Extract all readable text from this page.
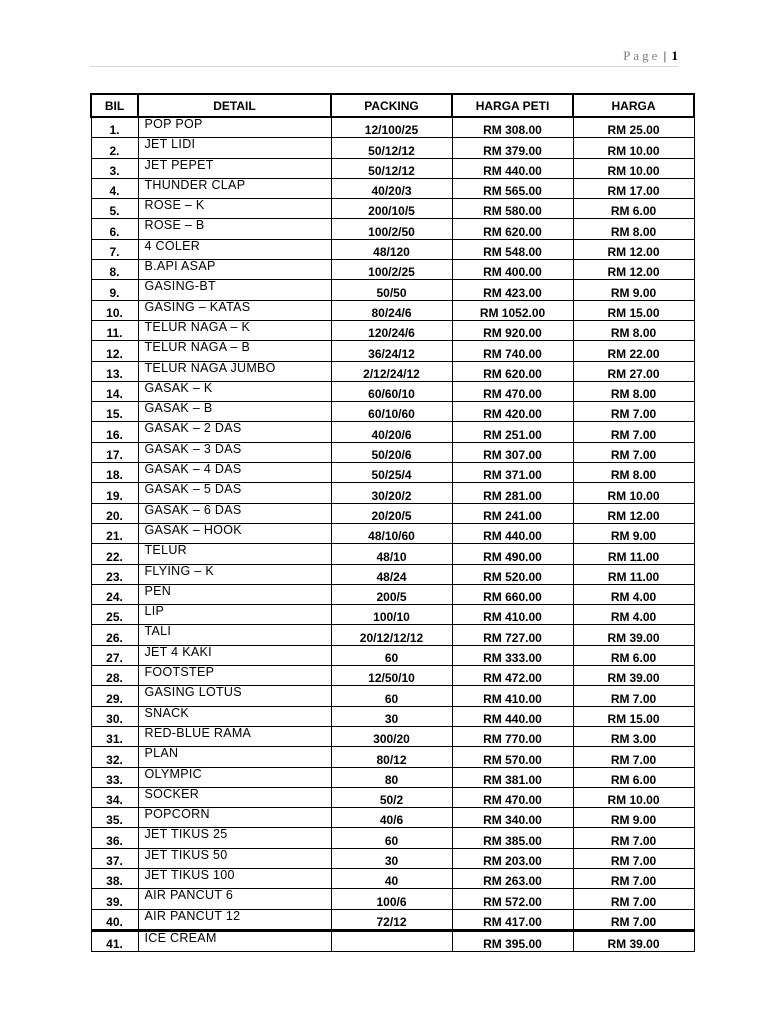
Page | 1
BIL	DETAIL	PACKING	HARGA PETI	HARGA
1.	POP POP	12/100/25	RM 308.00	RM 25.00
2.	JET LIDI	50/12/12	RM 379.00	RM 10.00
3.	JET PEPET	50/12/12	RM 440.00	RM 10.00
4.	THUNDER CLAP	40/20/3	RM 565.00	RM 17.00
5.	ROSE – K	200/10/5	RM 580.00	RM 6.00
6.	ROSE – B	100/2/50	RM 620.00	RM 8.00
7.	4 COLER	48/120	RM 548.00	RM 12.00
8.	B.API ASAP	100/2/25	RM 400.00	RM 12.00
9.	GASING-BT	50/50	RM 423.00	RM 9.00
10.	GASING – KATAS	80/24/6	RM 1052.00	RM 15.00
11.	TELUR NAGA – K	120/24/6	RM 920.00	RM 8.00
12.	TELUR NAGA – B	36/24/12	RM 740.00	RM 22.00
13.	TELUR NAGA JUMBO	2/12/24/12	RM 620.00	RM 27.00
14.	GASAK – K	60/60/10	RM 470.00	RM 8.00
15.	GASAK – B	60/10/60	RM 420.00	RM 7.00
16.	GASAK – 2 DAS	40/20/6	RM 251.00	RM 7.00
17.	GASAK – 3 DAS	50/20/6	RM 307.00	RM 7.00
18.	GASAK – 4 DAS	50/25/4	RM 371.00	RM 8.00
19.	GASAK – 5 DAS	30/20/2	RM 281.00	RM 10.00
20.	GASAK – 6 DAS	20/20/5	RM 241.00	RM 12.00
21.	GASAK – HOOK	48/10/60	RM 440.00	RM 9.00
22.	TELUR	48/10	RM 490.00	RM 11.00
23.	FLYING – K	48/24	RM 520.00	RM 11.00
24.	PEN	200/5	RM 660.00	RM 4.00
25.	LIP	100/10	RM 410.00	RM 4.00
26.	TALI	20/12/12/12	RM 727.00	RM 39.00
27.	JET 4 KAKI	60	RM 333.00	RM 6.00
28.	FOOTSTEP	12/50/10	RM 472.00	RM 39.00
29.	GASING LOTUS	60	RM 410.00	RM 7.00
30.	SNACK	30	RM 440.00	RM 15.00
31.	RED-BLUE RAMA	300/20	RM 770.00	RM 3.00
32.	PLAN	80/12	RM 570.00	RM 7.00
33.	OLYMPIC	80	RM 381.00	RM 6.00
34.	SOCKER	50/2	RM 470.00	RM 10.00
35.	POPCORN	40/6	RM 340.00	RM 9.00
36.	JET TIKUS 25	60	RM 385.00	RM 7.00
37.	JET TIKUS 50	30	RM 203.00	RM 7.00
38.	JET TIKUS 100	40	RM 263.00	RM 7.00
39.	AIR PANCUT 6	100/6	RM 572.00	RM 7.00
40.	AIR PANCUT 12	72/12	RM 417.00	RM 7.00
41.	ICE CREAM		RM 395.00	RM 39.00
